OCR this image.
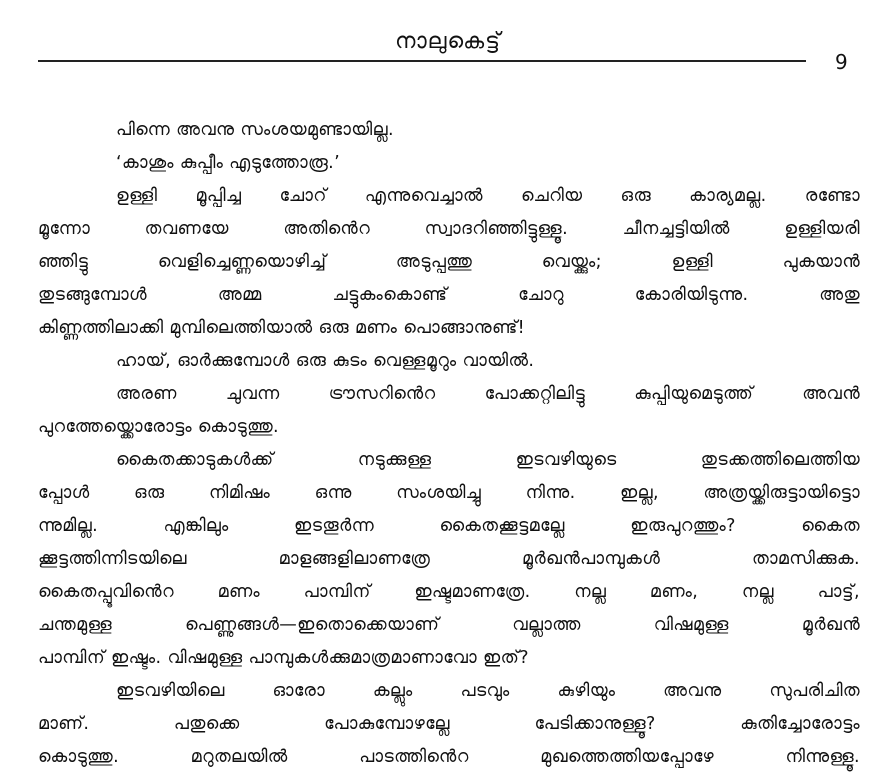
നാലുകെട്ട്
9
പിന്നെ അവനു സംശയമുണ്ടായില്ല.
‘കാശും കുപ്പീം എടുത്തോരൂ.’
ഉള്ളി മൂപ്പിച്ച ചോറ് എന്നുവെച്ചാൽ ചെറിയ ഒരു കാര്യമല്ല. രണ്ടോ
മൂന്നോ തവണയേ അതിൻെറ സ്വാദറിഞ്ഞിട്ടുള്ളൂ. ചീനച്ചട്ടിയിൽ ഉള്ളിയരി
ഞ്ഞിട്ടു വെളിച്ചെണ്ണയൊഴിച്ച് അടുപ്പത്തു വെയ്ക്കും; ഉള്ളി പുകയാൻ
തുടങ്ങുമ്പോൾ അമ്മ ചട്ടുകംകൊണ്ട് ചോറു കോരിയിടുന്നു. അതു
കിണ്ണത്തിലാക്കി മുമ്പിലെത്തിയാൽ ഒരു മണം പൊങ്ങാനുണ്ട്!
ഹായ്, ഓർക്കുമ്പോൾ ഒരു കുടം വെള്ളമൂറും വായിൽ.
അരണ ചുവന്ന ട്രൗസറിൻെറ പോക്കറ്റിലിട്ടു കുപ്പിയുമെടുത്ത് അവൻ
പുറത്തേയ്ക്കൊരോട്ടം കൊടുത്തു.
കൈതക്കാടുകൾക്ക് നടുക്കുള്ള ഇടവഴിയുടെ തുടക്കത്തിലെത്തിയ
പ്പോൾ ഒരു നിമിഷം ഒന്നു സംശയിച്ചു നിന്നു. ഇല്ല, അത്രയ്ക്കിരുട്ടായിട്ടൊ
ന്നുമില്ല. എങ്കിലും ഇടതൂർന്ന കൈതക്കൂട്ടമല്ലേ ഇരുപുറത്തും? കൈത
ക്കൂട്ടത്തിന്നിടയിലെ മാളങ്ങളിലാണത്രേ മൂർഖൻപാമ്പുകൾ താമസിക്കുക.
കൈതപ്പൂവിൻെറ മണം പാമ്പിന് ഇഷ്ടമാണത്രേ. നല്ല മണം, നല്ല പാട്ട്,
ചന്തമുള്ള പെണ്ണുങ്ങൾ—ഇതൊക്കെയാണ് വല്ലാത്ത വിഷമുള്ള മൂർഖൻ
പാമ്പിന് ഇഷ്ടം. വിഷമുള്ള പാമ്പുകൾക്കുമാത്രമാണാവോ ഇത്?
ഇടവഴിയിലെ ഓരോ കല്ലും പടവും കുഴിയും അവനു സുപരിചിത
മാണ്. പതുക്കെ പോകുമ്പോഴല്ലേ പേടിക്കാനുള്ളൂ? കുതിച്ചോരോട്ടം
കൊടുത്തു. മറുതലയിൽ പാടത്തിൻെറ മുഖത്തെത്തിയപ്പോഴേ നിന്നുള്ളൂ.
